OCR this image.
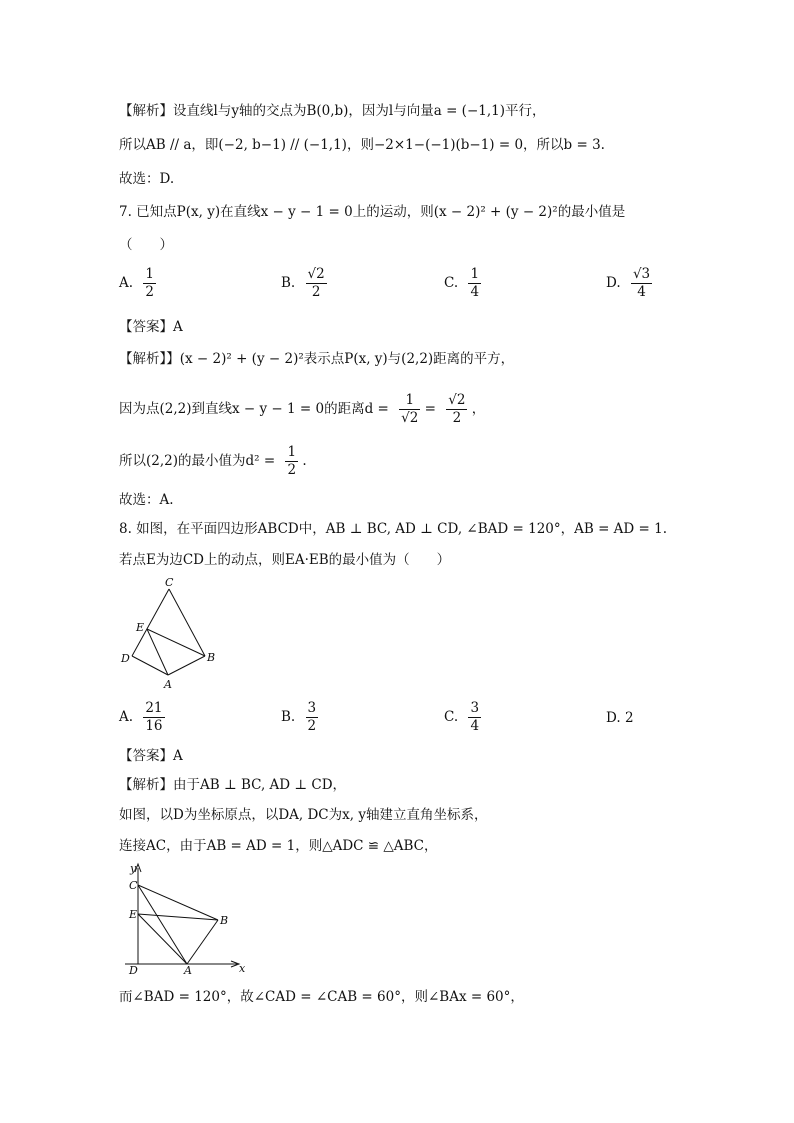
【解析】设直线l与y轴的交点为B(0,b)，因为l与向量a = (−1,1)平行，
所以AB // a，即(−2, b−1) // (−1,1)，则−2×1−(−1)(b−1) = 0，所以b = 3.
故选：D.
7. 已知点P(x, y)在直线x − y − 1 = 0上的运动，则(x − 2)² + (y − 2)²的最小值是
（　　）
A. $\frac{1}{2}$	B. $\frac{√2}{2}$	C. $\frac{1}{4}$	D. $\frac{√3}{4}$
【答案】A
【解析】】(x − 2)² + (y − 2)²表示点P(x, y)与(2,2)距离的平方，
因为点(2,2)到直线x − y − 1 = 0的距离$d = \frac{1}{√2} = \frac{√2}{2}$ ，
所以(2,2)的最小值为$d^2 = \frac{1}{2}$ .
故选：A.
8. 如图，在平面四边形ABCD中，AB ⊥ BC, AD ⊥ CD, ∠BAD = 120°，AB = AD = 1.
若点E为边CD上的动点，则EA·EB的最小值为（　　）
C
E
D	B
A
A. $\frac{21}{16}$	B. $\frac{3}{2}$	C. $\frac{3}{4}$	D. 2
【答案】A
【解析】由于AB ⊥ BC, AD ⊥ CD，
如图，以D为坐标原点，以DA, DC为x, y轴建立直角坐标系，
连接AC，由于AB = AD = 1，则△ADC ≌ △ABC，
y
C
E	B
D	A	x
而∠BAD = 120°，故∠CAD = ∠CAB = 60°，则∠BAx = 60°，
